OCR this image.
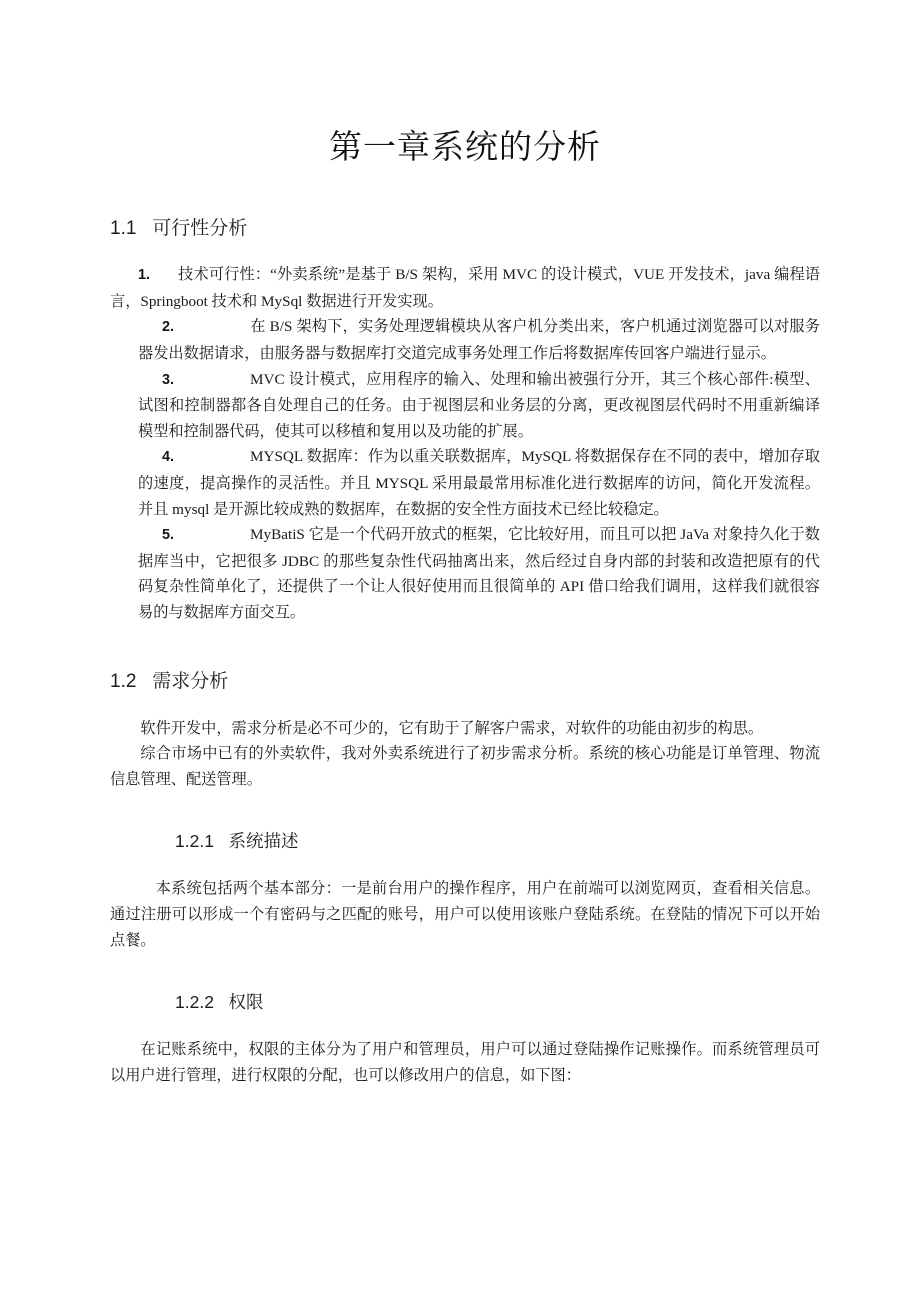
第一章系统的分析
1.1   可行性分析
1. 技术可行性：“外卖系统”是基于 B/S 架构，采用 MVC 的设计模式，VUE 开发技术，java 编程语言，Springboot 技术和 MySql 数据进行开发实现。
2.	在 B/S 架构下，实务处理逻辑模块从客户机分类出来，客户机通过浏览器可以对服务器发出数据请求，由服务器与数据库打交道完成事务处理工作后将数据库传回客户端进行显示。
3.	MVC 设计模式，应用程序的输入、处理和输出被强行分开，其三个核心部件:模型、试图和控制器都各自处理自己的任务。由于视图层和业务层的分离，更改视图层代码时不用重新编译模型和控制器代码，使其可以移植和复用以及功能的扩展。
4.	MYSQL 数据库：作为以重关联数据库，MySQL 将数据保存在不同的表中，增加存取的速度，提高操作的灵活性。并且 MYSQL 采用最最常用标准化进行数据库的访问，简化开发流程。并且 mysql 是开源比较成熟的数据库，在数据的安全性方面技术已经比较稳定。
5.	MyBatiS 它是一个代码开放式的框架，它比较好用，而且可以把 JaVa 对象持久化于数据库当中，它把很多 JDBC 的那些复杂性代码抽离出来，然后经过自身内部的封装和改造把原有的代码复杂性简单化了，还提供了一个让人很好使用而且很简单的 API 借口给我们调用，这样我们就很容易的与数据库方面交互。
1.2   需求分析

软件开发中，需求分析是必不可少的，它有助于了解客户需求，对软件的功能由初步的构思。

综合市场中已有的外卖软件，我对外卖系统进行了初步需求分析。系统的核心功能是订单管理、物流信息管理、配送管理。

1.2.1   系统描述

本系统包括两个基本部分：一是前台用户的操作程序，用户在前端可以浏览网页，查看相关信息。通过注册可以形成一个有密码与之匹配的账号，用户可以使用该账户登陆系统。在登陆的情况下可以开始点餐。

1.2.2   权限

在记账系统中，权限的主体分为了用户和管理员，用户可以通过登陆操作记账操作。而系统管理员可以用户进行管理，进行权限的分配，也可以修改用户的信息，如下图：
